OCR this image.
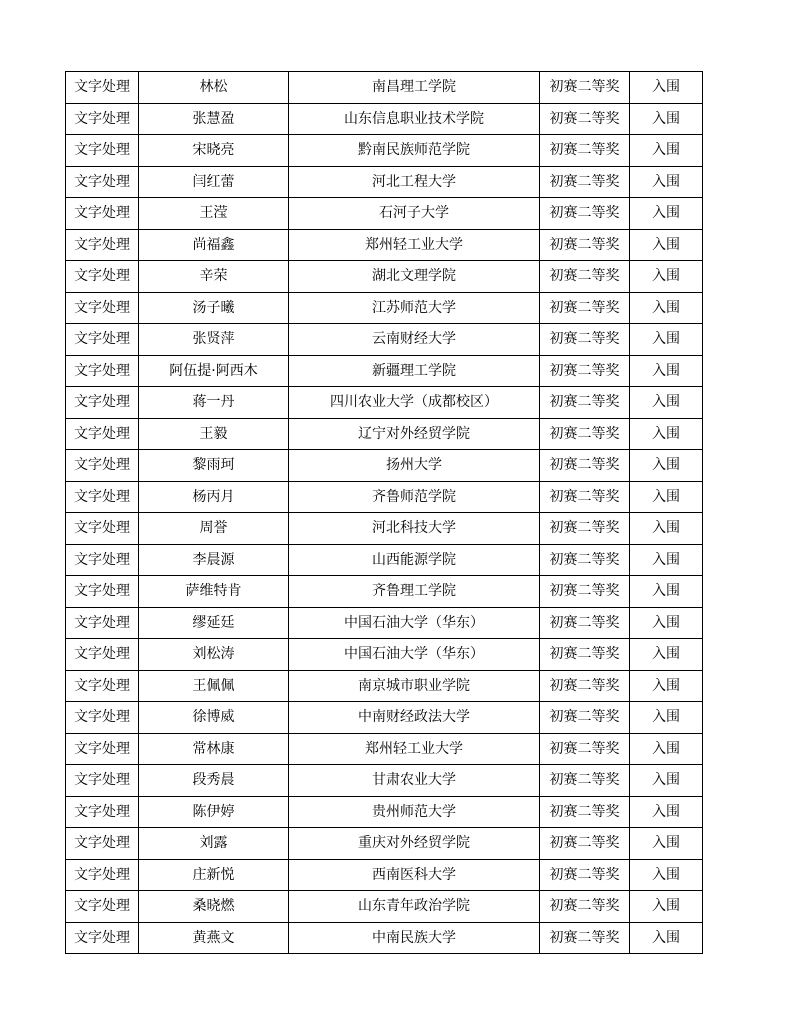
文字处理	林松	南昌理工学院	初赛二等奖	入围
文字处理	张慧盈	山东信息职业技术学院	初赛二等奖	入围
文字处理	宋晓亮	黔南民族师范学院	初赛二等奖	入围
文字处理	闫红蕾	河北工程大学	初赛二等奖	入围
文字处理	王滢	石河子大学	初赛二等奖	入围
文字处理	尚福鑫	郑州轻工业大学	初赛二等奖	入围
文字处理	辛荣	湖北文理学院	初赛二等奖	入围
文字处理	汤子曦	江苏师范大学	初赛二等奖	入围
文字处理	张贤萍	云南财经大学	初赛二等奖	入围
文字处理	阿伍提·阿西木	新疆理工学院	初赛二等奖	入围
文字处理	蒋一丹	四川农业大学（成都校区）	初赛二等奖	入围
文字处理	王毅	辽宁对外经贸学院	初赛二等奖	入围
文字处理	黎雨珂	扬州大学	初赛二等奖	入围
文字处理	杨丙月	齐鲁师范学院	初赛二等奖	入围
文字处理	周誉	河北科技大学	初赛二等奖	入围
文字处理	李晨源	山西能源学院	初赛二等奖	入围
文字处理	萨维特肯	齐鲁理工学院	初赛二等奖	入围
文字处理	缪延廷	中国石油大学（华东）	初赛二等奖	入围
文字处理	刘松涛	中国石油大学（华东）	初赛二等奖	入围
文字处理	王佩佩	南京城市职业学院	初赛二等奖	入围
文字处理	徐博威	中南财经政法大学	初赛二等奖	入围
文字处理	常林康	郑州轻工业大学	初赛二等奖	入围
文字处理	段秀晨	甘肃农业大学	初赛二等奖	入围
文字处理	陈伊婷	贵州师范大学	初赛二等奖	入围
文字处理	刘露	重庆对外经贸学院	初赛二等奖	入围
文字处理	庄新悦	西南医科大学	初赛二等奖	入围
文字处理	桑晓燃	山东青年政治学院	初赛二等奖	入围
文字处理	黄燕文	中南民族大学	初赛二等奖	入围
